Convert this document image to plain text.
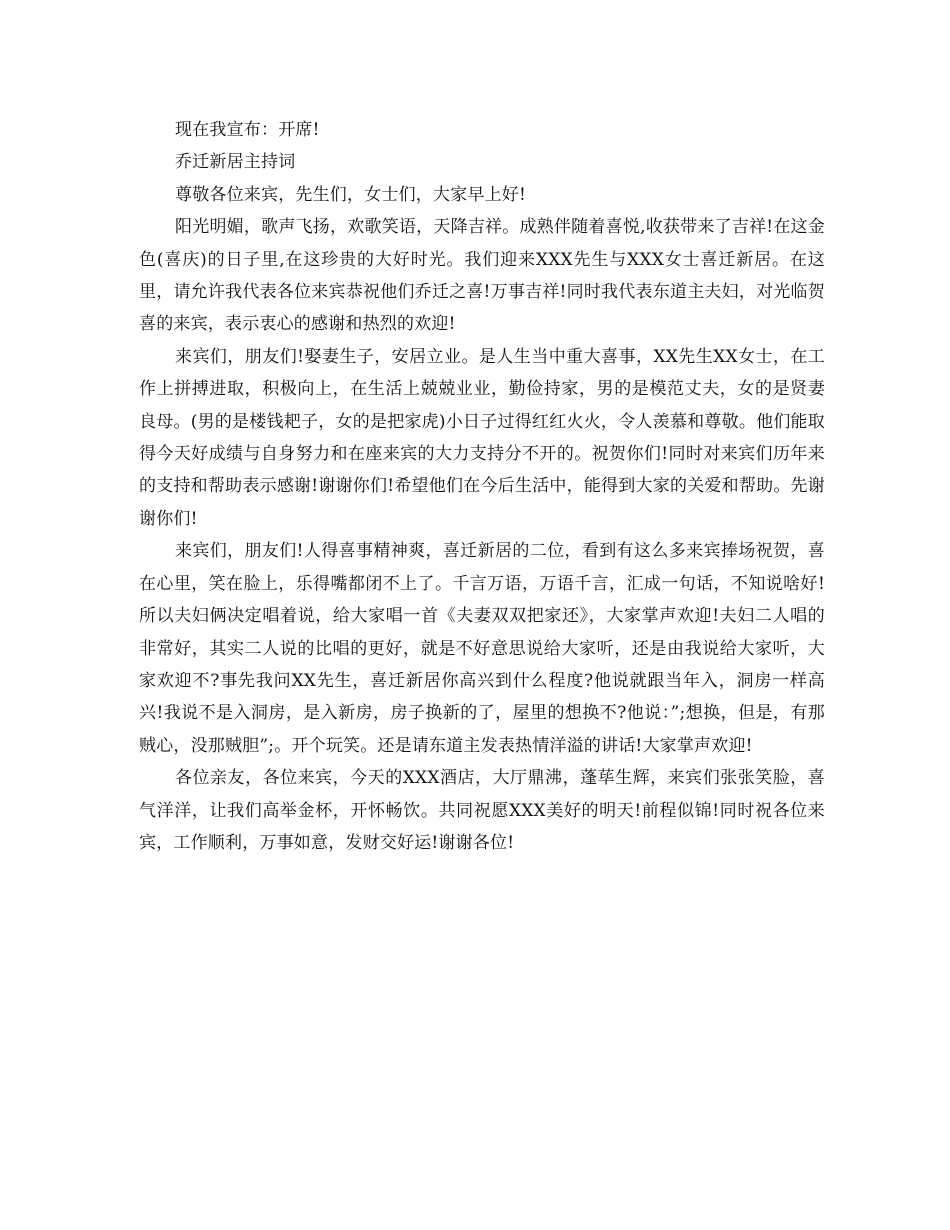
现在我宣布：开席!

乔迁新居主持词

尊敬各位来宾，先生们，女士们，大家早上好!

阳光明媚，歌声飞扬，欢歌笑语，天降吉祥。成熟伴随着喜悦,收获带来了吉祥!在这金色(喜庆)的日子里,在这珍贵的大好时光。我们迎来XXX先生与XXX女士喜迁新居。在这里，请允许我代表各位来宾恭祝他们乔迁之喜!万事吉祥!同时我代表东道主夫妇，对光临贺喜的来宾，表示衷心的感谢和热烈的欢迎!

来宾们，朋友们!娶妻生子，安居立业。是人生当中重大喜事，XX先生XX女士，在工作上拼搏进取，积极向上，在生活上兢兢业业，勤俭持家，男的是模范丈夫，女的是贤妻良母。(男的是楼钱耙子，女的是把家虎)小日子过得红红火火，令人羡慕和尊敬。他们能取得今天好成绩与自身努力和在座来宾的大力支持分不开的。祝贺你们!同时对来宾们历年来的支持和帮助表示感谢!谢谢你们!希望他们在今后生活中，能得到大家的关爱和帮助。先谢谢你们!

来宾们，朋友们!人得喜事精神爽，喜迁新居的二位，看到有这么多来宾捧场祝贺，喜在心里，笑在脸上，乐得嘴都闭不上了。千言万语，万语千言，汇成一句话，不知说啥好!所以夫妇俩决定唱着说，给大家唱一首《夫妻双双把家还》，大家掌声欢迎!夫妇二人唱的非常好，其实二人说的比唱的更好，就是不好意思说给大家听，还是由我说给大家听，大家欢迎不?事先我问XX先生，喜迁新居你高兴到什么程度?他说就跟当年入，洞房一样高兴!我说不是入洞房，是入新房，房子换新的了，屋里的想换不?他说：”;想换，但是，有那贼心，没那贼胆”;。开个玩笑。还是请东道主发表热情洋溢的讲话!大家掌声欢迎!

各位亲友，各位来宾，今天的XXX酒店，大厅鼎沸，蓬荜生辉，来宾们张张笑脸，喜气洋洋，让我们高举金杯，开怀畅饮。共同祝愿XXX美好的明天!前程似锦!同时祝各位来宾，工作顺利，万事如意，发财交好运!谢谢各位!
